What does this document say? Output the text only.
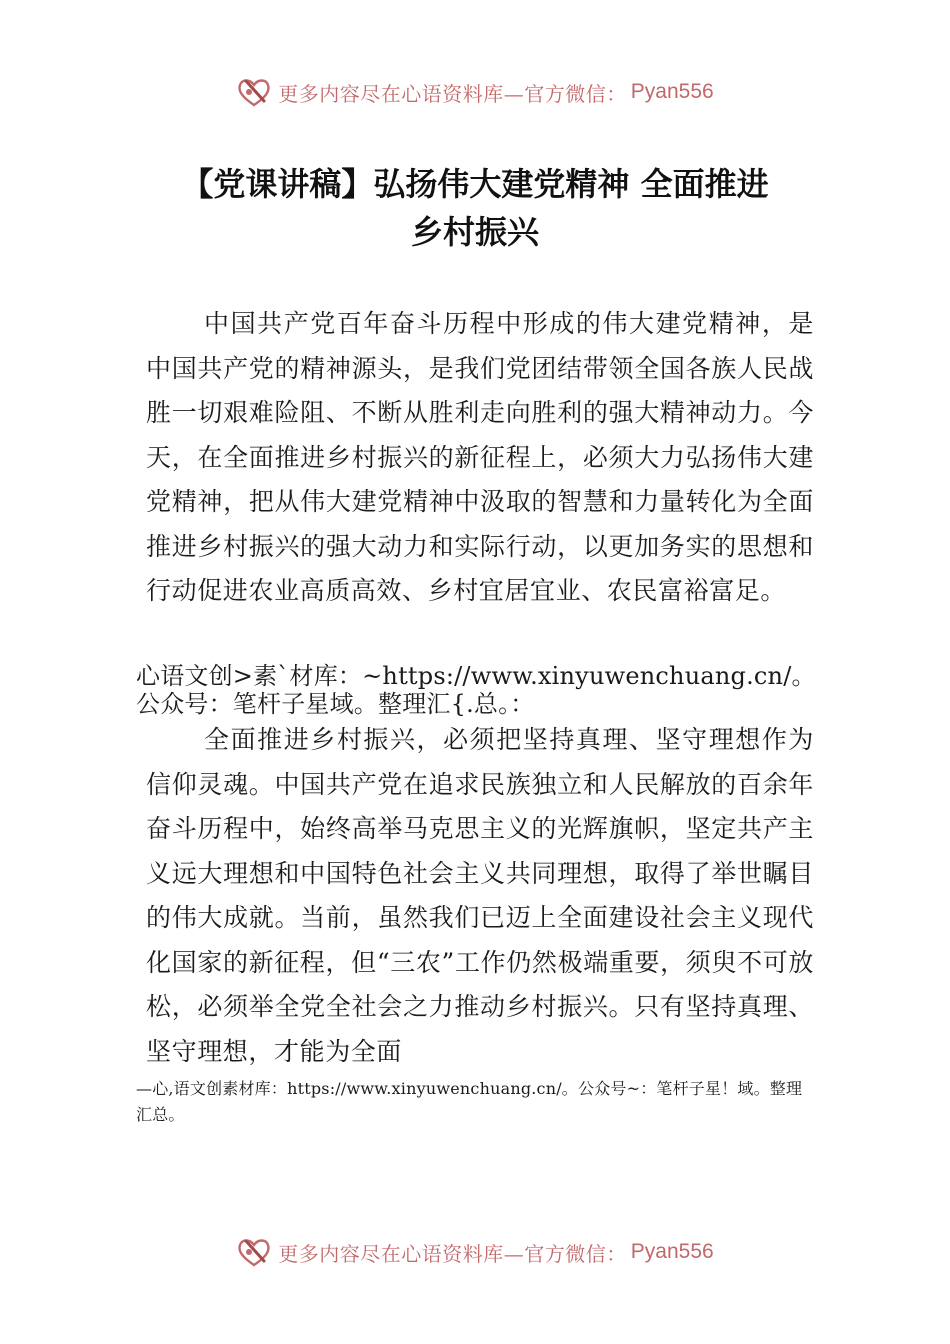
更多内容尽在心语资料库—官方微信： Pyan556
【党课讲稿】弘扬伟大建党精神 全面推进
乡村振兴

中国共产党百年奋斗历程中形成的伟大建党精神，是中国共产党的精神源头，是我们党团结带领全国各族人民战胜一切艰难险阻、不断从胜利走向胜利的强大精神动力。今天，在全面推进乡村振兴的新征程上，必须大力弘扬伟大建党精神，把从伟大建党精神中汲取的智慧和力量转化为全面推进乡村振兴的强大动力和实际行动，以更加务实的思想和行动促进农业高质高效、乡村宜居宜业、农民富裕富足。

心语文创>素`材库：~https://www.xinyuwenchuang.cn/。
公众号：笔杆子星域。整理汇{.总。：

全面推进乡村振兴，必须把坚持真理、坚守理想作为信仰灵魂。中国共产党在追求民族独立和人民解放的百余年奋斗历程中，始终高举马克思主义的光辉旗帜，坚定共产主义远大理想和中国特色社会主义共同理想，取得了举世瞩目的伟大成就。当前，虽然我们已迈上全面建设社会主义现代化国家的新征程，但“三农”工作仍然极端重要，须臾不可放松，必须举全党全社会之力推动乡村振兴。只有坚持真理、坚守理想，才能为全面

—心,语文创素材库：https://www.xinyuwenchuang.cn/。公众号~：笔杆子星！域。整理
汇总。

更多内容尽在心语资料库—官方微信： Pyan556
